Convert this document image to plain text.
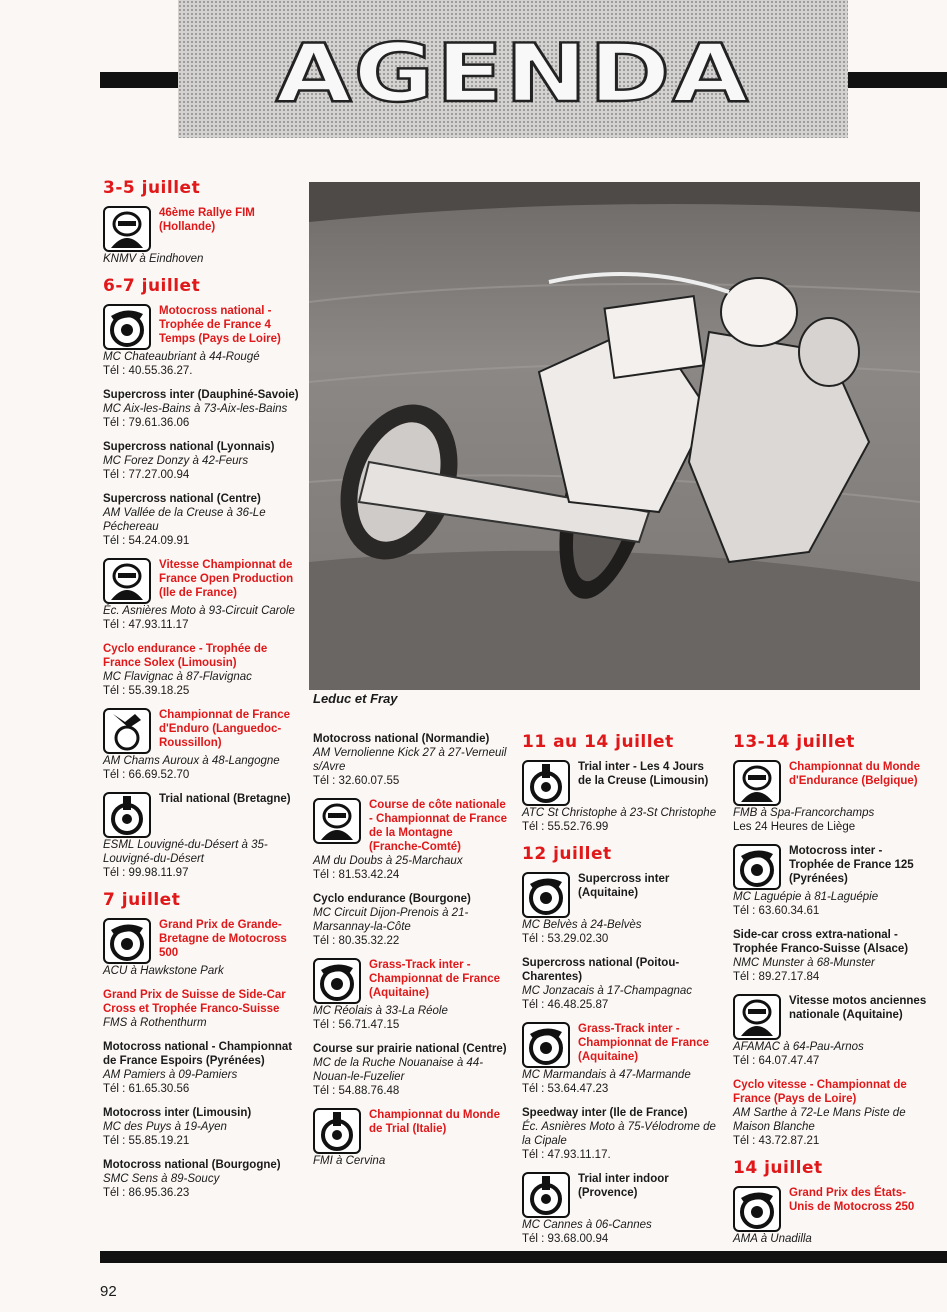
AGENDA
Leduc et Fray
3-5 juillet
46ème Rallye FIM (Hollande)
KNMV à Eindhoven
6-7 juillet
Motocross national - Trophée de France 4 Temps (Pays de Loire)
MC Chateaubriant à 44-Rougé
Tél : 40.55.36.27.
Supercross inter (Dauphiné-Savoie)
MC Aix-les-Bains à 73-Aix-les-Bains
Tél : 79.61.36.06
Supercross national (Lyonnais)
MC Forez Donzy à 42-Feurs
Tél : 77.27.00.94
Supercross national (Centre)
AM Vallée de la Creuse à 36-Le Péchereau
Tél : 54.24.09.91
Vitesse Championnat de France Open Production (Ile de France)
Éc. Asnières Moto à 93-Circuit Carole
Tél : 47.93.11.17
Cyclo endurance - Trophée de France Solex (Limousin)
MC Flavignac à 87-Flavignac
Tél : 55.39.18.25
Championnat de France d'Enduro (Languedoc-Roussillon)
AM Chams Auroux à 48-Langogne
Tél : 66.69.52.70
Trial national (Bretagne)
ESML Louvigné-du-Désert à 35-Louvigné-du-Désert
Tél : 99.98.11.97
7 juillet
Grand Prix de Grande-Bretagne de Motocross 500
ACU à Hawkstone Park
Grand Prix de Suisse de Side-Car Cross et Trophée Franco-Suisse
FMS à Rothenthurm
Motocross national - Championnat de France Espoirs (Pyrénées)
AM Pamiers à 09-Pamiers
Tél : 61.65.30.56
Motocross inter (Limousin)
MC des Puys à 19-Ayen
Tél : 55.85.19.21
Motocross national (Bourgogne)
SMC Sens à 89-Soucy
Tél : 86.95.36.23
Motocross national (Normandie)
AM Vernolienne Kick 27 à 27-Verneuil s/Avre
Tél : 32.60.07.55
Course de côte nationale - Championnat de France de la Montagne (Franche-Comté)
AM du Doubs à 25-Marchaux
Tél : 81.53.42.24
Cyclo endurance (Bourgone)
MC Circuit Dijon-Prenois à 21-Marsannay-la-Côte
Tél : 80.35.32.22
Grass-Track inter - Championnat de France (Aquitaine)
MC Réolais à 33-La Réole
Tél : 56.71.47.15
Course sur prairie national (Centre)
MC de la Ruche Nouanaise à 44-Nouan-le-Fuzelier
Tél : 54.88.76.48
Championnat du Monde de Trial (Italie)
FMI à Cervina
11 au 14 juillet
Trial inter - Les 4 Jours de la Creuse (Limousin)
ATC St Christophe à 23-St Christophe
Tél : 55.52.76.99
12 juillet
Supercross inter (Aquitaine)
MC Belvès à 24-Belvès
Tél : 53.29.02.30
Supercross national (Poitou-Charentes)
MC Jonzacais à 17-Champagnac
Tél : 46.48.25.87
Grass-Track inter - Championnat de France (Aquitaine)
MC Marmandais à 47-Marmande
Tél : 53.64.47.23
Speedway inter (Ile de France)
Éc. Asnières Moto à 75-Vélodrome de la Cipale
Tél : 47.93.11.17.
Trial inter indoor (Provence)
MC Cannes à 06-Cannes
Tél : 93.68.00.94
13-14 juillet
Championnat du Monde d'Endurance (Belgique)
FMB à Spa-Francorchamps
Les 24 Heures de Liège
Motocross inter - Trophée de France 125 (Pyrénées)
MC Laguépie à 81-Laguépie
Tél : 63.60.34.61
Side-car cross extra-national - Trophée Franco-Suisse (Alsace)
NMC Munster à 68-Munster
Tél : 89.27.17.84
Vitesse motos anciennes nationale (Aquitaine)
AFAMAC à 64-Pau-Arnos
Tél : 64.07.47.47
Cyclo vitesse - Championnat de France (Pays de Loire)
AM Sarthe à 72-Le Mans Piste de Maison Blanche
Tél : 43.72.87.21
14 juillet
Grand Prix des États-Unis de Motocross 250
AMA à Unadilla
92
